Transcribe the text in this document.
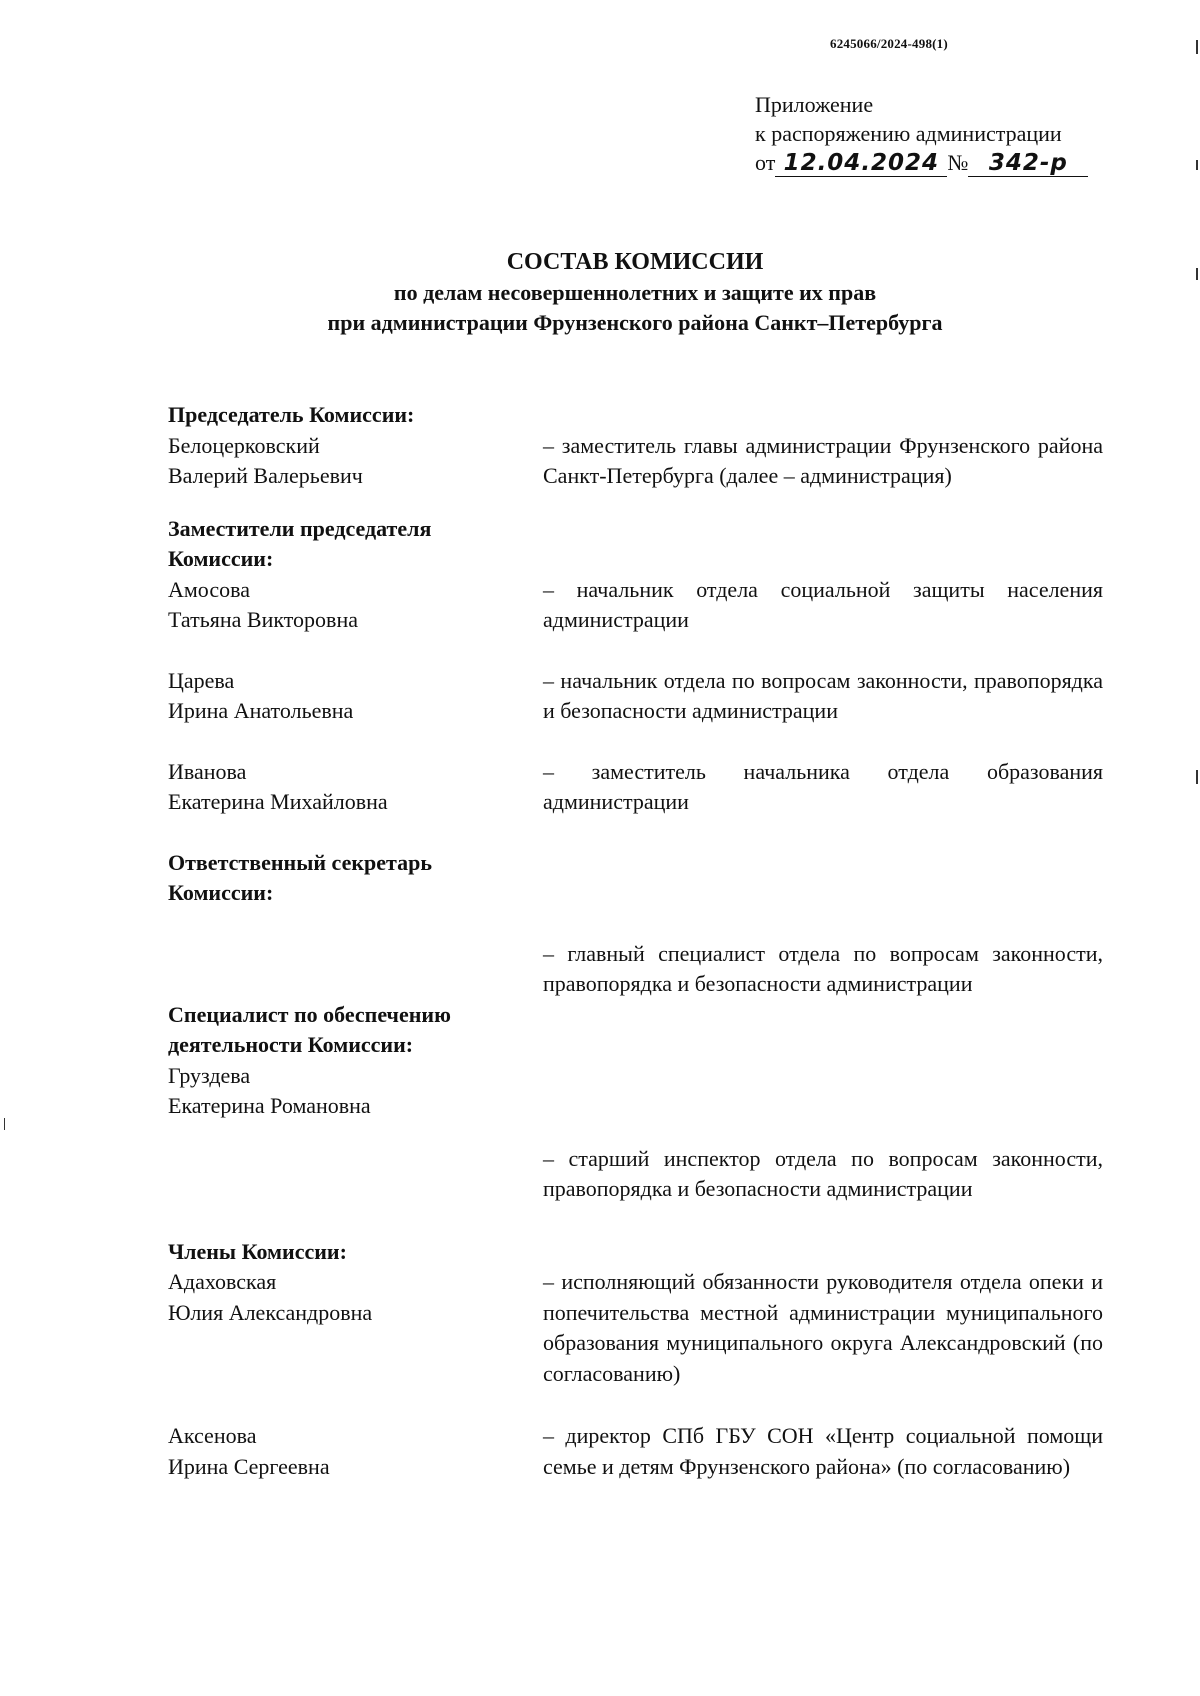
6245066/2024-498(1)
Приложение
к распоряжению администрации
от 12.04.2024 № 342-р
СОСТАВ КОМИССИИ
по делам несовершеннолетних и защите их прав
при администрации Фрунзенского района Санкт–Петербурга
Председатель Комиссии:
Белоцерковский
Валерий Валерьевич
– заместитель главы администрации Фрунзенского района Санкт-Петербурга (далее – администрация)
Заместители председателя Комиссии:
Амосова
Татьяна Викторовна
– начальник отдела социальной защиты населения администрации
Царева
Ирина Анатольевна
– начальник отдела по вопросам законности, правопорядка и безопасности администрации
Иванова
Екатерина Михайловна
– заместитель начальника отдела образования администрации
Ответственный секретарь Комиссии:
– главный специалист отдела по вопросам законности, правопорядка и безопасности администрации
Специалист по обеспечению деятельности Комиссии:
Груздева
Екатерина Романовна
– старший инспектор отдела по вопросам законности, правопорядка и безопасности администрации
Члены Комиссии:
Адаховская
Юлия Александровна
– исполняющий обязанности руководителя отдела опеки и попечительства местной администрации муниципального образования муниципального округа Александровский (по согласованию)
Аксенова
Ирина Сергеевна
– директор СПб ГБУ СОН «Центр социальной помощи семье и детям Фрунзенского района» (по согласованию)
